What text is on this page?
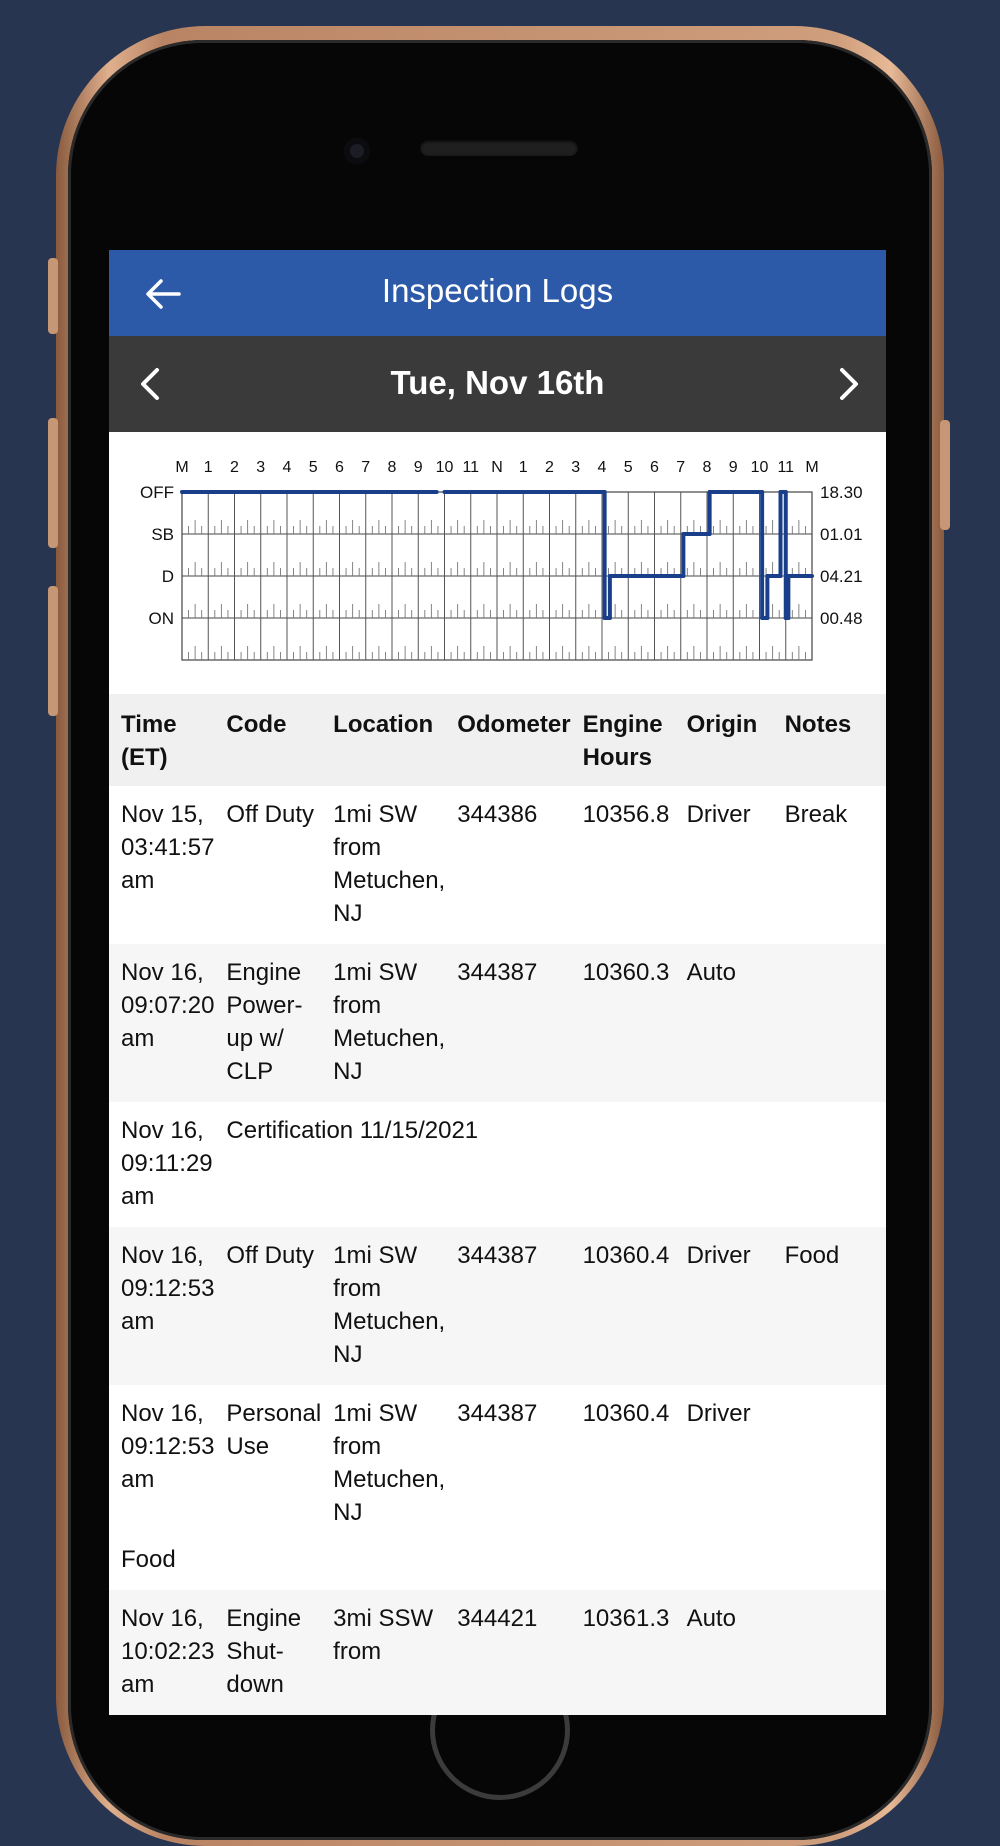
Inspection Logs
Tue, Nov 16th
M 1 2 3 4 5 6 7 8 9 10 11 N 1 2 3 4 5 6 7 8 9 10 11 M
OFF
SB
D
ON
18.30
01.01
04.21
00.48
Time (ET)	Code	Location	Odometer	Engine Hours	Origin	Notes
Nov 15, 03:41:57 am	Off Duty	1mi SW from Metuchen, NJ	344386	10356.8	Driver	Break
Nov 16, 09:07:20 am	Engine Power-up w/ CLP	1mi SW from Metuchen, NJ	344387	10360.3	Auto	
Nov 16, 09:11:29 am	Certification 11/15/2021					
Nov 16, 09:12:53 am	Off Duty	1mi SW from Metuchen, NJ	344387	10360.4	Driver	Food
Nov 16, 09:12:53 am	Personal Use	1mi SW from Metuchen, NJ	344387	10360.4	Driver	
Food						
Nov 16, 10:02:23 am	Engine Shut-down	3mi SSW from	344421	10361.3	Auto	
